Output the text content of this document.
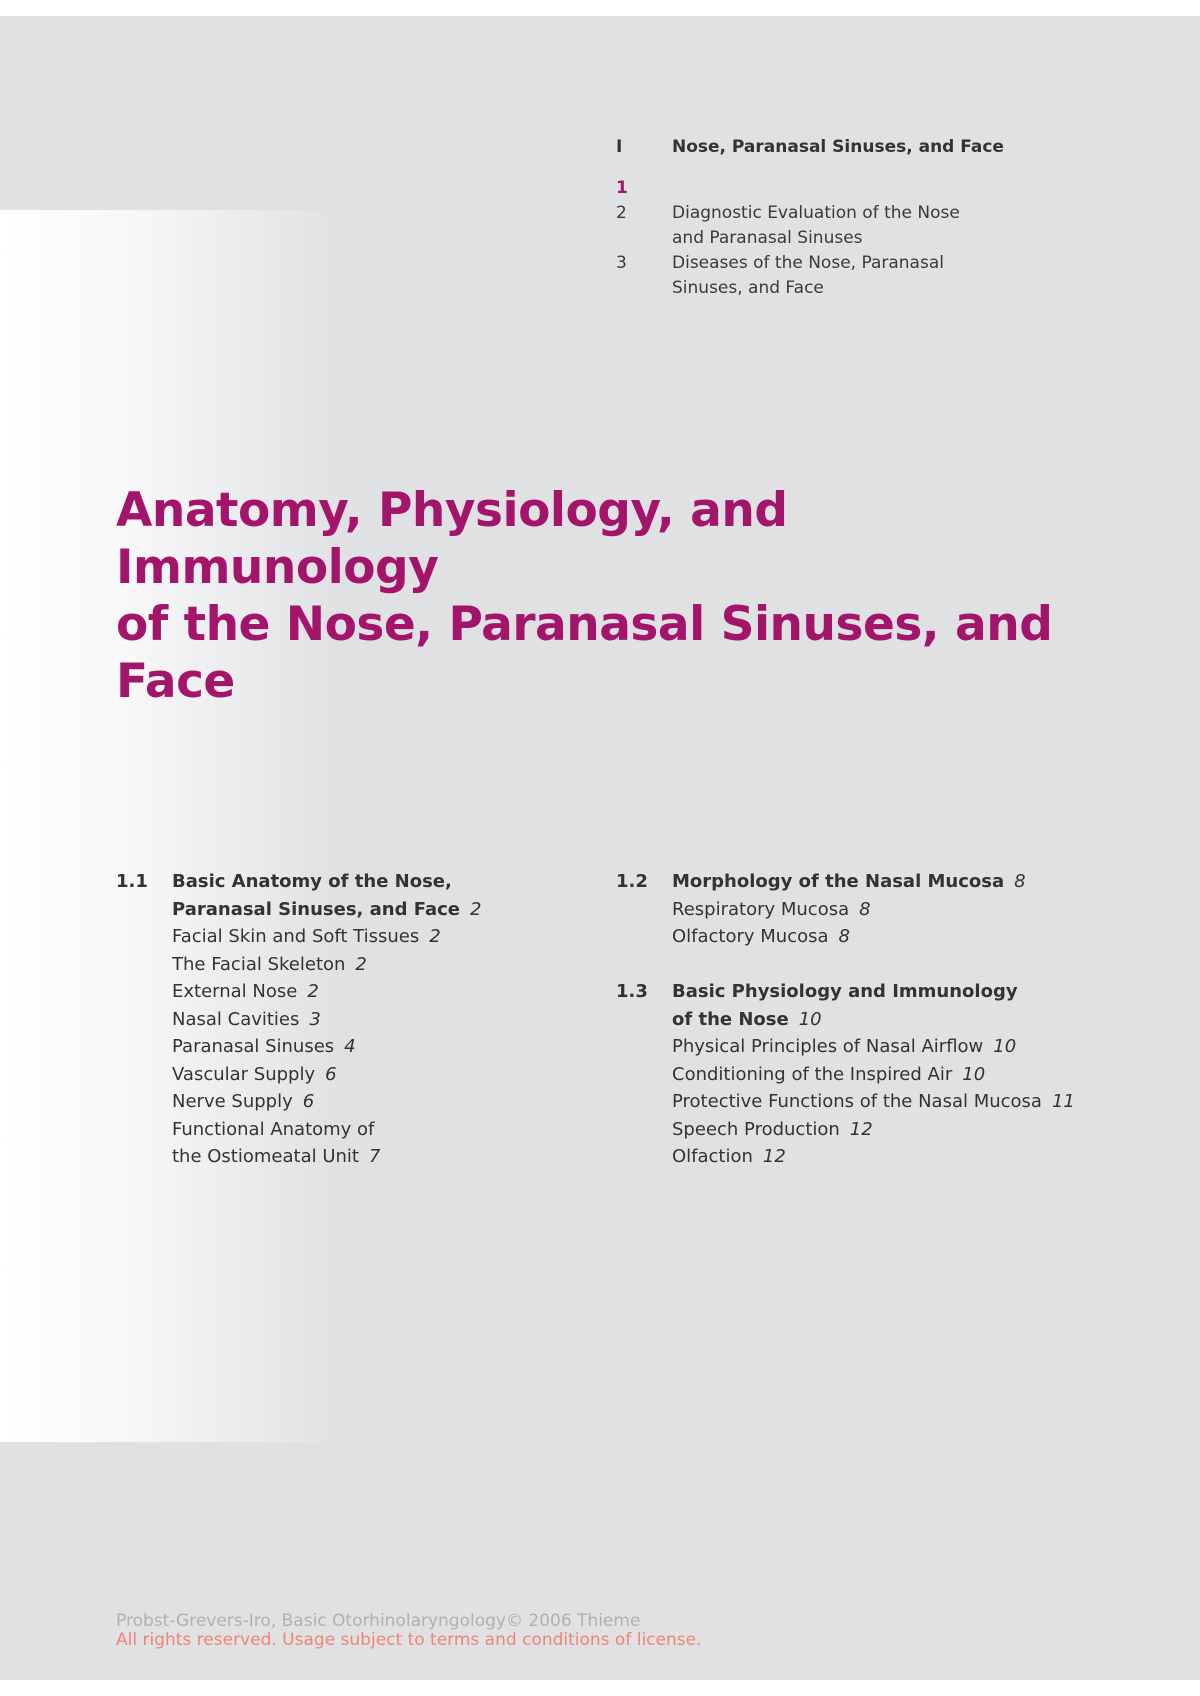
I	Nose, Paranasal Sinuses, and Face
1
2	Diagnostic Evaluation of the Nose and Paranasal Sinuses
3	Diseases of the Nose, Paranasal Sinuses, and Face
Anatomy, Physiology, and Immunology
of the Nose, Paranasal Sinuses, and Face
1.1	Basic Anatomy of the Nose,
Paranasal Sinuses, and Face 2
Facial Skin and Soft Tissues 2
The Facial Skeleton 2
External Nose 2
Nasal Cavities 3
Paranasal Sinuses 4
Vascular Supply 6
Nerve Supply 6
Functional Anatomy of
the Ostiomeatal Unit 7
1.2	Morphology of the Nasal Mucosa 8
Respiratory Mucosa 8
Olfactory Mucosa 8
1.3	Basic Physiology and Immunology
of the Nose 10
Physical Principles of Nasal Airflow 10
Conditioning of the Inspired Air 10
Protective Functions of the Nasal Mucosa 11
Speech Production 12
Olfaction 12
Probst-Grevers-Iro, Basic Otorhinolaryngology© 2006 Thieme
All rights reserved. Usage subject to terms and conditions of license.
